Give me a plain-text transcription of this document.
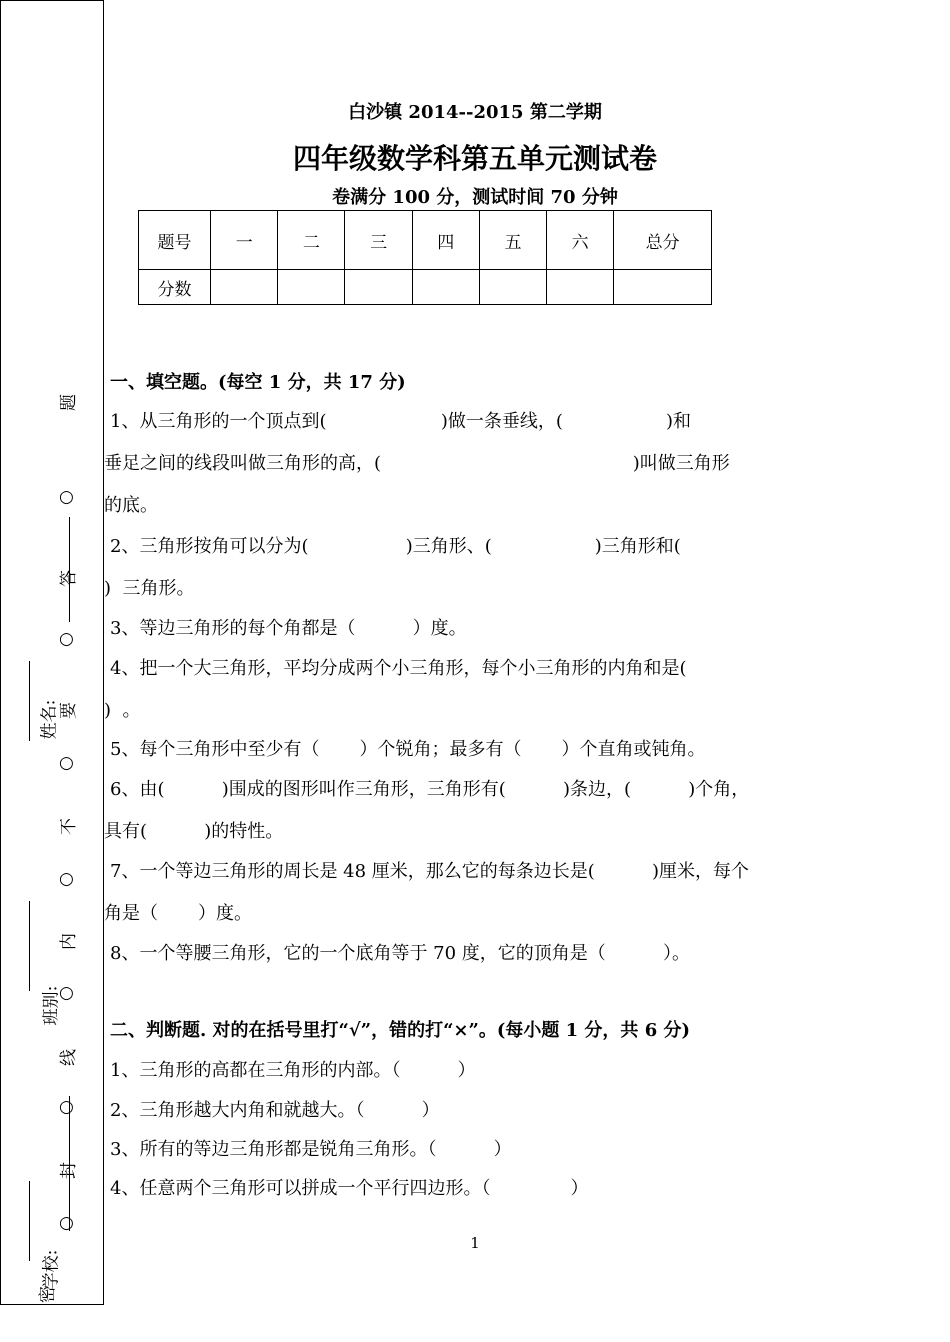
题
○
答
○
要
○
不
○
内
○
线
○
封
○
密
姓名:
班别:
学校:
白沙镇 2014--2015 第二学期
四年级数学科第五单元测试卷
卷满分 100 分，测试时间 70 分钟
题号	一	二	三	四	五	六	总分
分数							
一、填空题。(每空 1 分，共 17 分)
1、从三角形的一个顶点到(                    )做一条垂线，(                  )和
垂足之间的线段叫做三角形的高，(                                            )叫做三角形
的底。
2、三角形按角可以分为(                 )三角形、(                  )三角形和(
)  三角形。
3、等边三角形的每个角都是（          ）度。
4、把一个大三角形，平均分成两个小三角形，每个小三角形的内角和是(
)  。
5、每个三角形中至少有（       ）个锐角；最多有（       ）个直角或钝角。
6、由(          )围成的图形叫作三角形，三角形有(          )条边，(          )个角，
具有(          )的特性。
7、一个等边三角形的周长是 48 厘米，那么它的每条边长是(          )厘米，每个
角是（       ）度。
8、一个等腰三角形，它的一个底角等于 70 度，它的顶角是（          ）。
二、判断题. 对的在括号里打“√”，错的打“×”。(每小题 1 分，共 6 分)
1、三角形的高都在三角形的内部。（          ）
2、三角形越大内角和就越大。（          ）
3、所有的等边三角形都是锐角三角形。（          ）
4、任意两个三角形可以拼成一个平行四边形。（              ）
1
